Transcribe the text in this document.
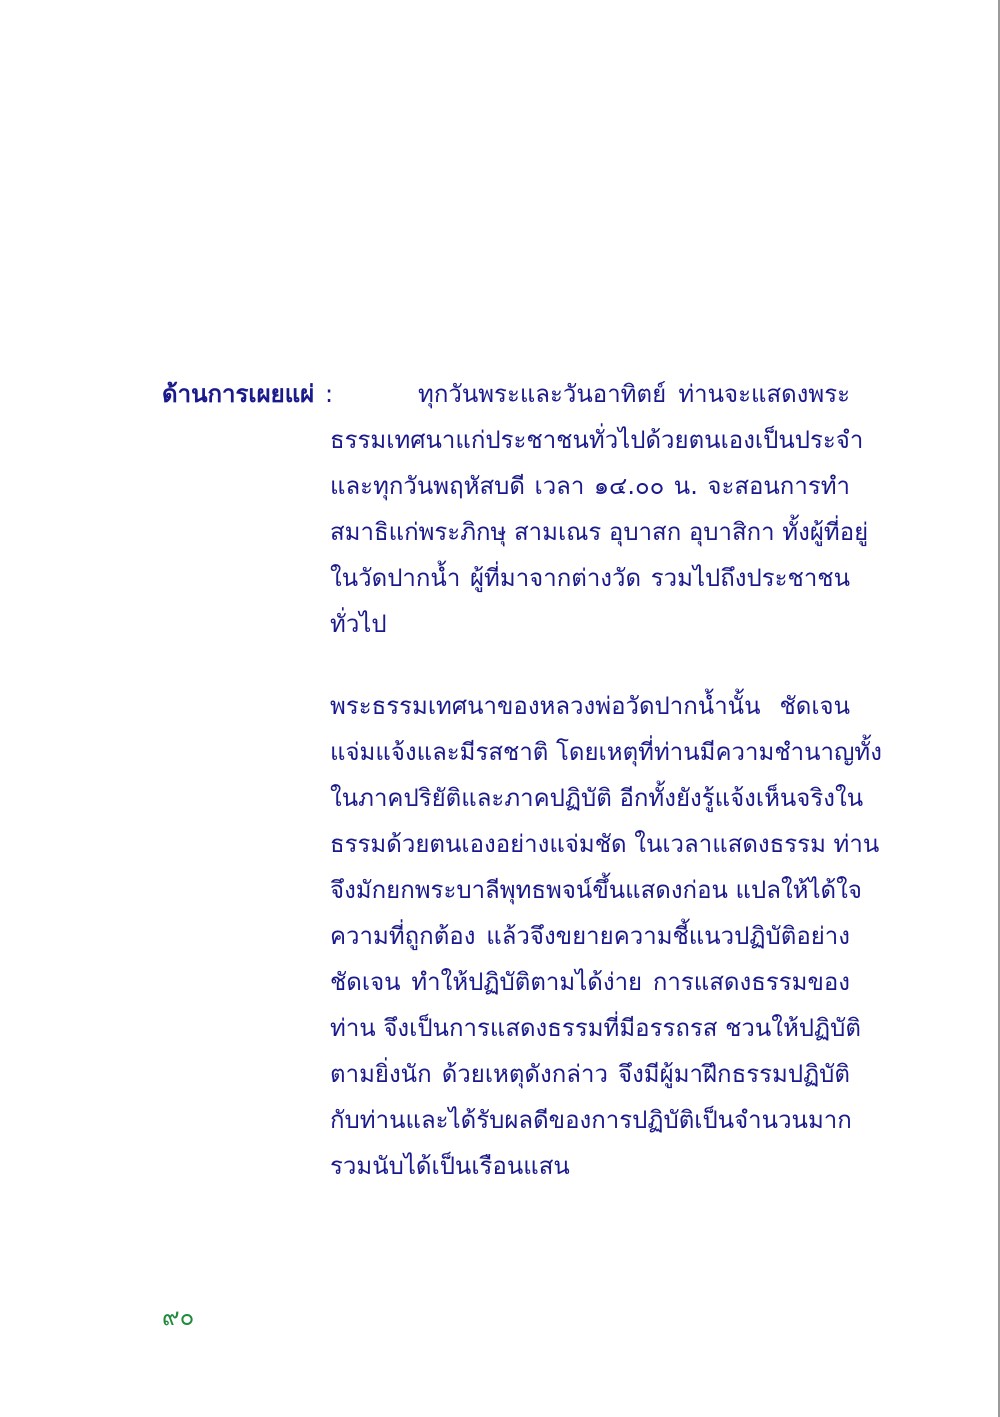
ด้านการเผยแผ่ :	ทุกวันพระและวันอาทิตย์ ท่านจะแสดงพระ
ธรรมเทศนาแก่ประชาชนทั่วไปด้วยตนเองเป็นประจำ
และทุกวันพฤหัสบดี เวลา ๑๔.๐๐ น. จะสอนการทำ
สมาธิแก่พระภิกษุ สามเณร อุบาสก อุบาสิกา ทั้งผู้ที่อยู่
ในวัดปากน้ำ ผู้ที่มาจากต่างวัด รวมไปถึงประชาชน
ทั่วไป
พระธรรมเทศนาของหลวงพ่อวัดปากน้ำนั้น ชัดเจน
แจ่มแจ้งและมีรสชาติ โดยเหตุที่ท่านมีความชำนาญทั้ง
ในภาคปริยัติและภาคปฏิบัติ อีกทั้งยังรู้แจ้งเห็นจริงใน
ธรรมด้วยตนเองอย่างแจ่มชัด ในเวลาแสดงธรรม ท่าน
จึงมักยกพระบาลีพุทธพจน์ขึ้นแสดงก่อน แปลให้ได้ใจ
ความที่ถูกต้อง แล้วจึงขยายความชี้แนวปฏิบัติอย่าง
ชัดเจน ทำให้ปฏิบัติตามได้ง่าย การแสดงธรรมของ
ท่าน จึงเป็นการแสดงธรรมที่มีอรรถรส ชวนให้ปฏิบัติ
ตามยิ่งนัก ด้วยเหตุดังกล่าว จึงมีผู้มาฝึกธรรมปฏิบัติ
กับท่านและได้รับผลดีของการปฏิบัติเป็นจำนวนมาก
รวมนับได้เป็นเรือนแสน
๙๐
